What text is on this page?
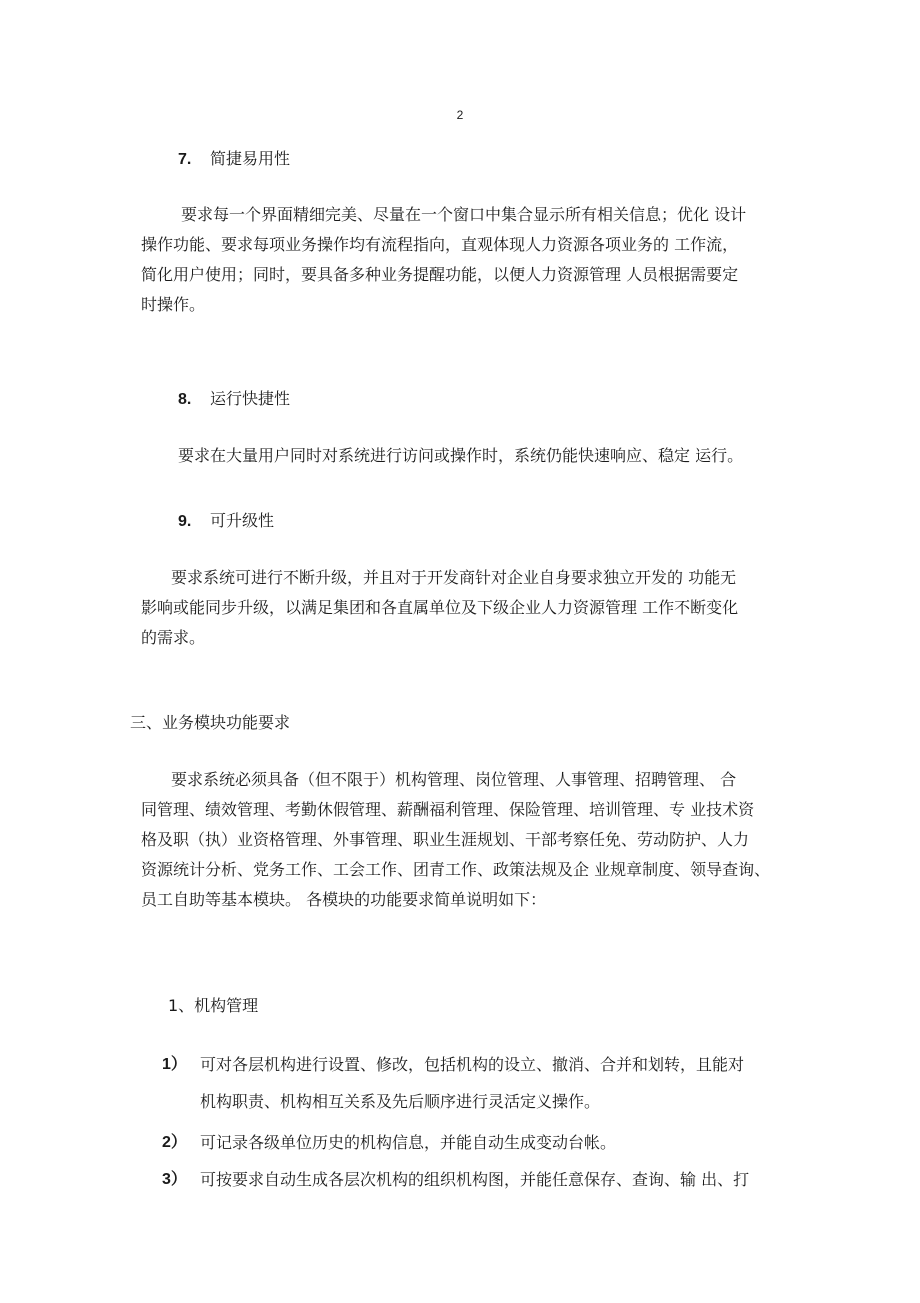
2
7. 简捷易用性
要求每一个界面精细完美、尽量在一个窗口中集合显示所有相关信息；优化 设计
操作功能、要求每项业务操作均有流程指向，直观体现人力资源各项业务的 工作流，
简化用户使用；同时，要具备多种业务提醒功能，以便人力资源管理 人员根据需要定
时操作。
8. 运行快捷性
要求在大量用户同时对系统进行访问或操作时，系统仍能快速响应、稳定 运行。
9. 可升级性
要求系统可进行不断升级，并且对于开发商针对企业自身要求独立开发的 功能无
影响或能同步升级，以满足集团和各直属单位及下级企业人力资源管理 工作不断变化
的需求。
三、业务模块功能要求
要求系统必须具备（但不限于）机构管理、岗位管理、人事管理、招聘管理、 合
同管理、绩效管理、考勤休假管理、薪酬福利管理、保险管理、培训管理、专 业技术资
格及职（执）业资格管理、外事管理、职业生涯规划、干部考察任免、劳动防护、人力
资源统计分析、党务工作、工会工作、团青工作、政策法规及企 业规章制度、领导查询、
员工自助等基本模块。 各模块的功能要求简单说明如下：
1、机构管理
1） 可对各层机构进行设置、修改，包括机构的设立、撤消、合并和划转，且能对
机构职责、机构相互关系及先后顺序进行灵活定义操作。
2） 可记录各级单位历史的机构信息，并能自动生成变动台帐。
3） 可按要求自动生成各层次机构的组织机构图，并能任意保存、查询、输 出、打
